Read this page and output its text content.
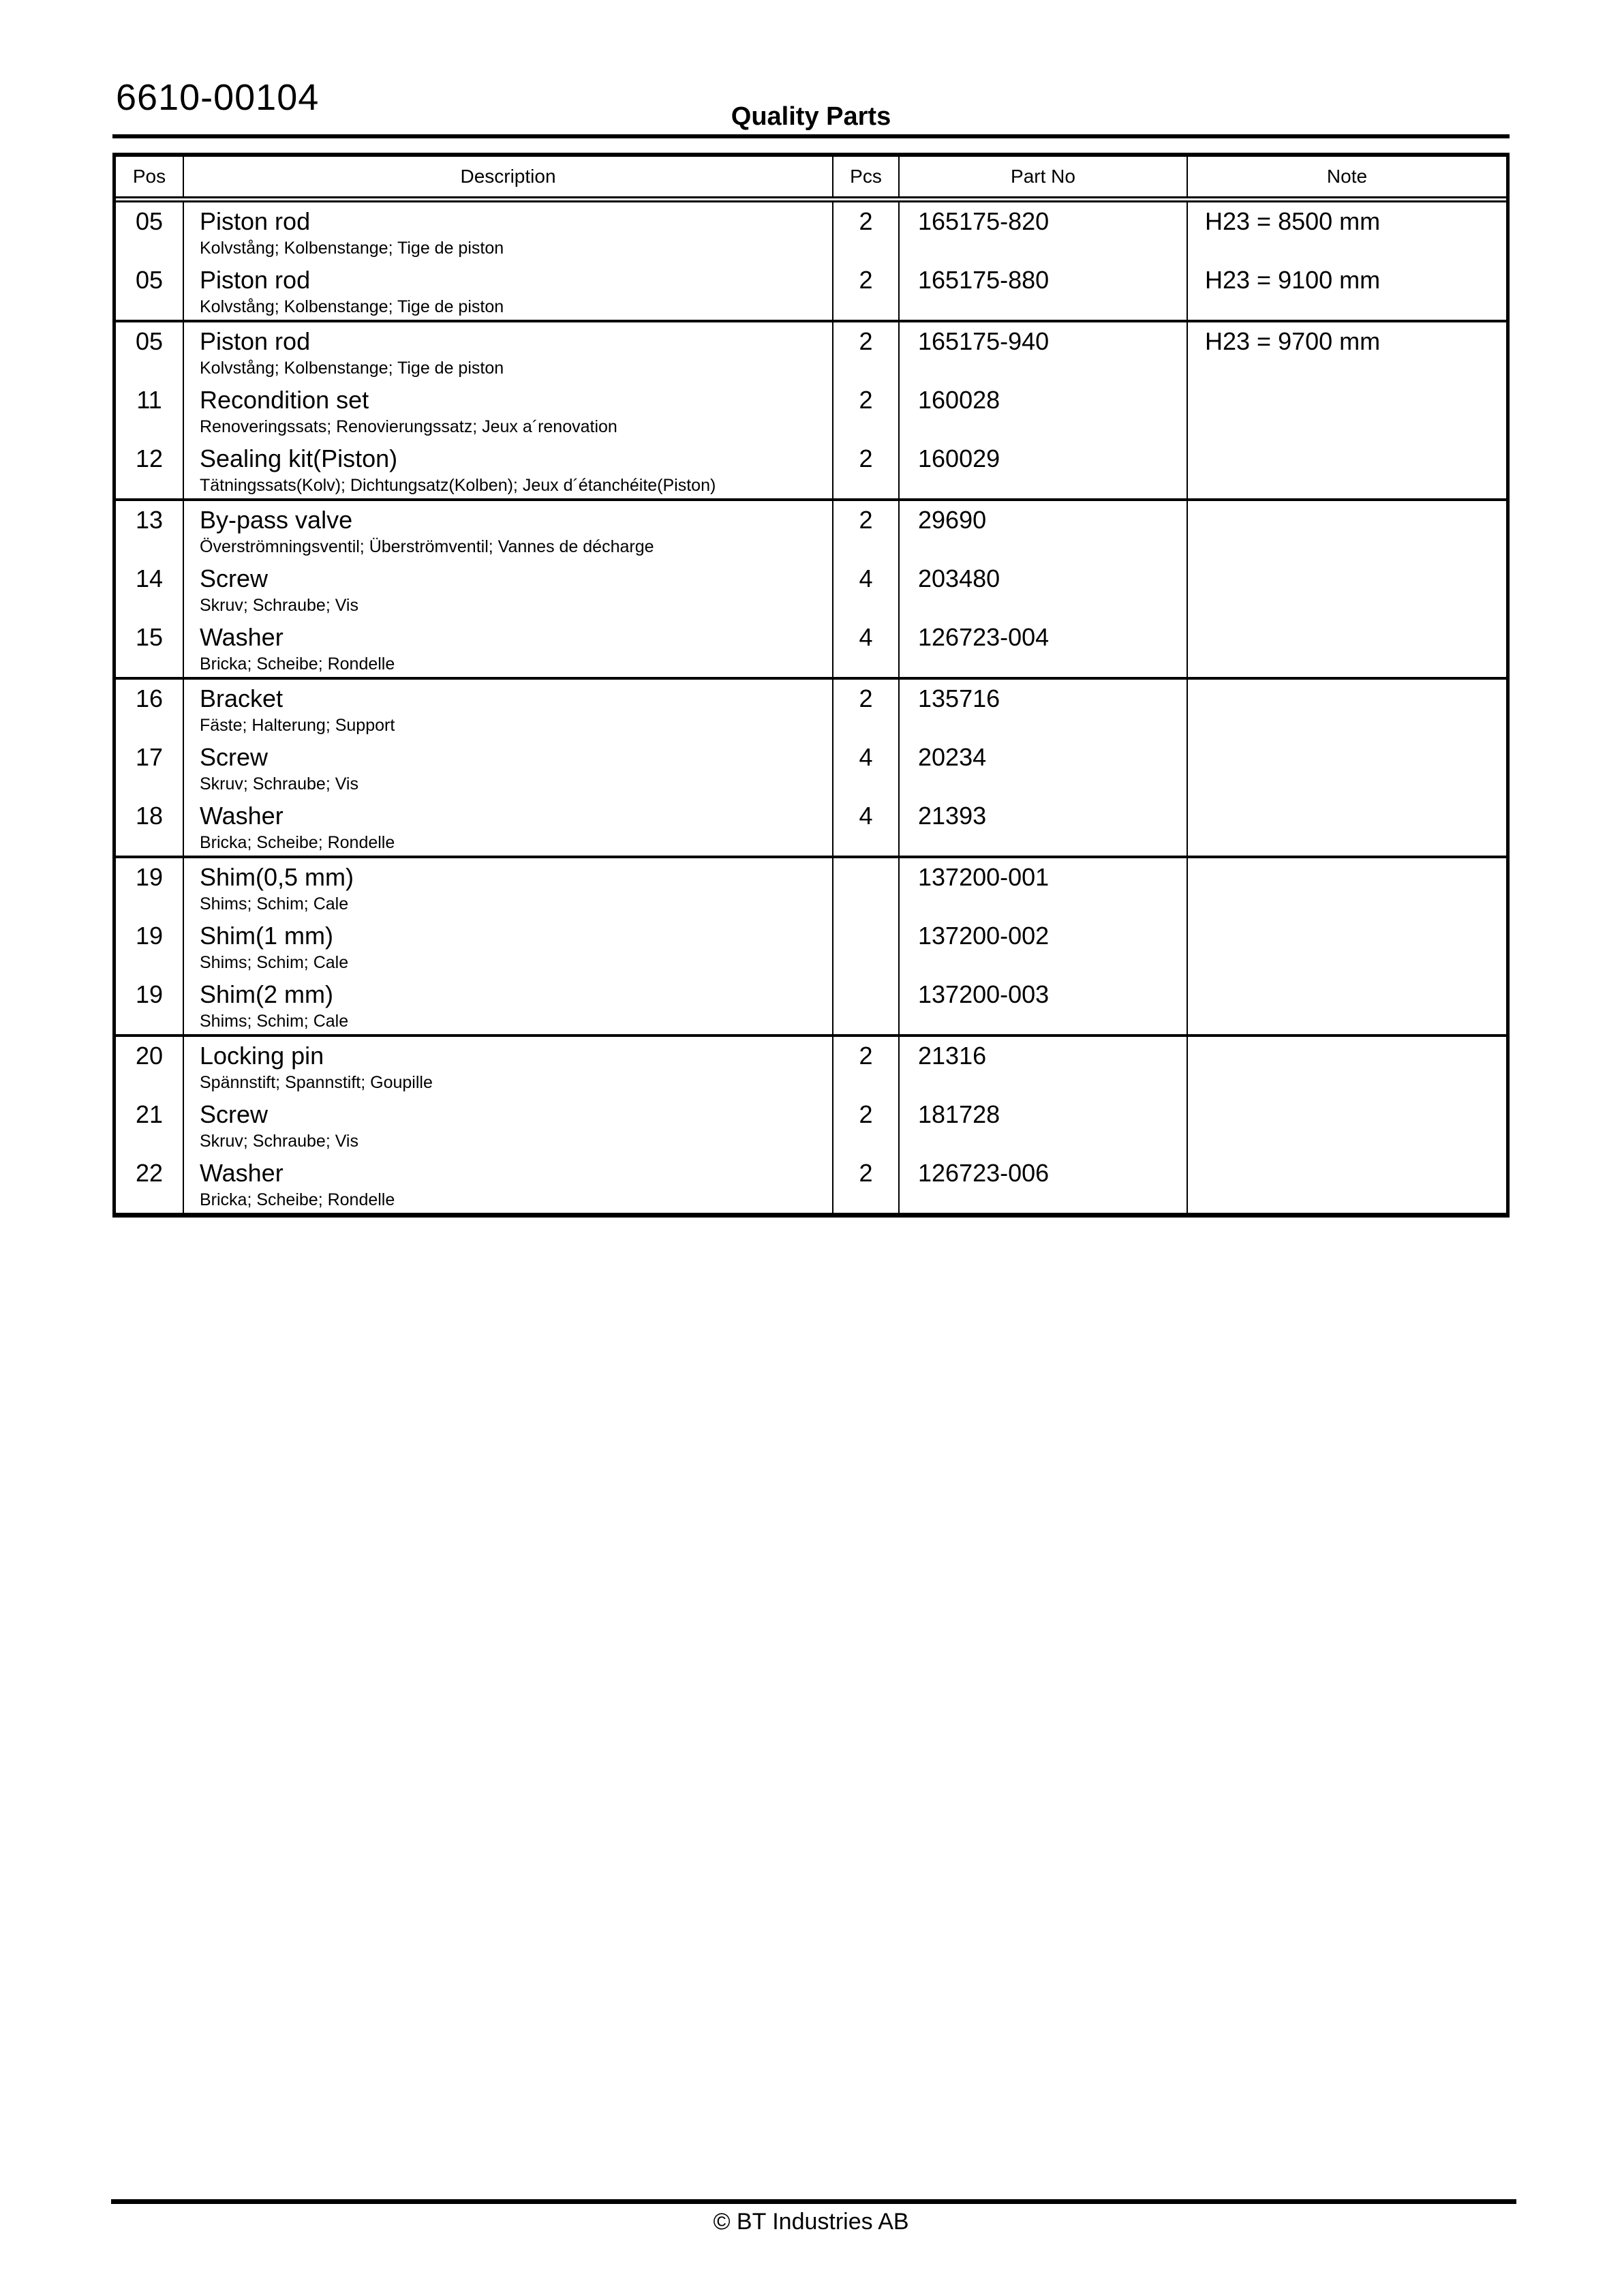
6610-00104	Quality Parts
Pos	Description	Pcs	Part No	Note
05	Piston rod
Kolvstång; Kolbenstange; Tige de piston
2	165175-820	H23 = 8500 mm
05	Piston rod
Kolvstång; Kolbenstange; Tige de piston
2	165175-880	H23 = 9100 mm
05	Piston rod
Kolvstång; Kolbenstange; Tige de piston
2	165175-940	H23 = 9700 mm
11	Recondition set
Renoveringssats; Renovierungssatz; Jeux a´renovation
2	160028
12	Sealing kit(Piston)
Tätningssats(Kolv); Dichtungsatz(Kolben); Jeux d´étanchéite(Piston)
2	160029
13	By-pass valve
Överströmningsventil; Überströmventil; Vannes de décharge
2	29690
14	Screw
Skruv; Schraube; Vis
4	203480
15	Washer
Bricka; Scheibe; Rondelle
4	126723-004
16	Bracket
Fäste; Halterung; Support
2	135716
17	Screw
Skruv; Schraube; Vis
4	20234
18	Washer
Bricka; Scheibe; Rondelle
4	21393
19	Shim(0,5 mm)
Shims; Schim; Cale
137200-001
19	Shim(1 mm)
Shims; Schim; Cale
137200-002
19	Shim(2 mm)
Shims; Schim; Cale
137200-003
20	Locking pin
Spännstift; Spannstift; Goupille
2	21316
21	Screw
Skruv; Schraube; Vis
2	181728
22	Washer
Bricka; Scheibe; Rondelle
2	126723-006
© BT Industries AB
